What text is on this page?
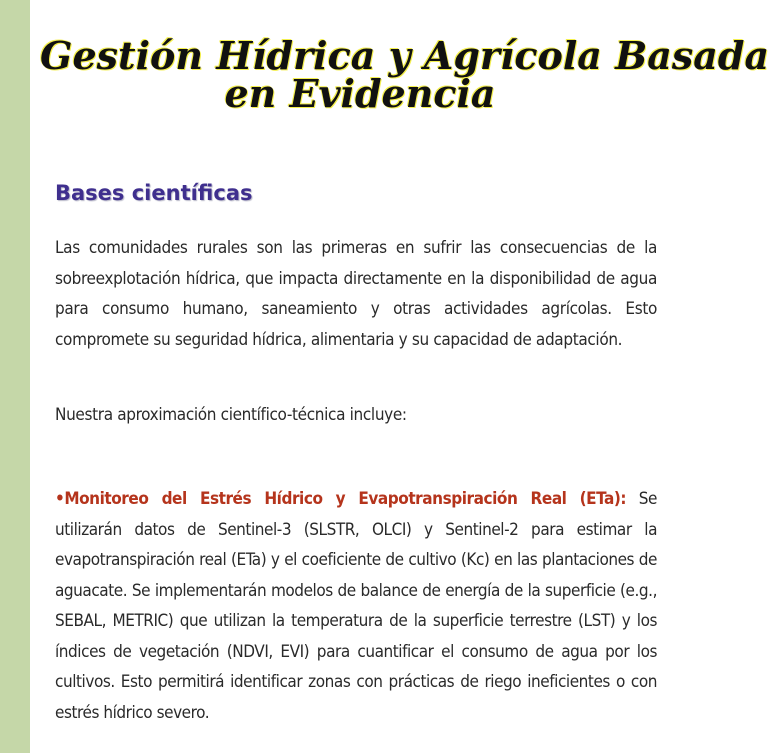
Gestión Hídrica y Agrícola Basada
en Evidencia
Bases científicas

Las comunidades rurales son las primeras en sufrir las consecuencias de la sobreexplotación hídrica, que impacta directamente en la disponibilidad de agua para consumo humano, saneamiento y otras actividades agrícolas. Esto compromete su seguridad hídrica, alimentaria y su capacidad de adaptación.

Nuestra aproximación científico-técnica incluye:

•Monitoreo del Estrés Hídrico y Evapotranspiración Real (ETa): Se utilizarán datos de Sentinel-3 (SLSTR, OLCI) y Sentinel-2 para estimar la evapotranspiración real (ETa) y el coeficiente de cultivo (Kc) en las plantaciones de aguacate. Se implementarán modelos de balance de energía de la superficie (e.g., SEBAL, METRIC) que utilizan la temperatura de la superficie terrestre (LST) y los índices de vegetación (NDVI, EVI) para cuantificar el consumo de agua por los cultivos. Esto permitirá identificar zonas con prácticas de riego ineficientes o con estrés hídrico severo.
